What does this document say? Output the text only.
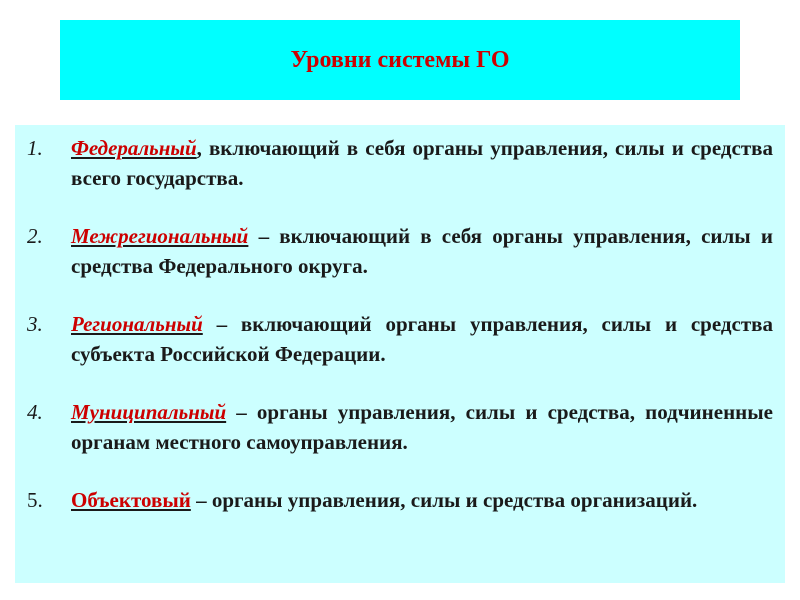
Уровни системы ГО
1. Федеральный, включающий в себя органы управления, силы и средства всего государства.
2. Межрегиональный – включающий в себя органы управления, силы и средства Федерального округа.
3. Региональный – включающий органы управления, силы и средства субъекта Российской Федерации.
4. Муниципальный – органы управления, силы и средства, подчиненные органам местного самоуправления.
5. Объектовый – органы управления, силы и средства организаций.
